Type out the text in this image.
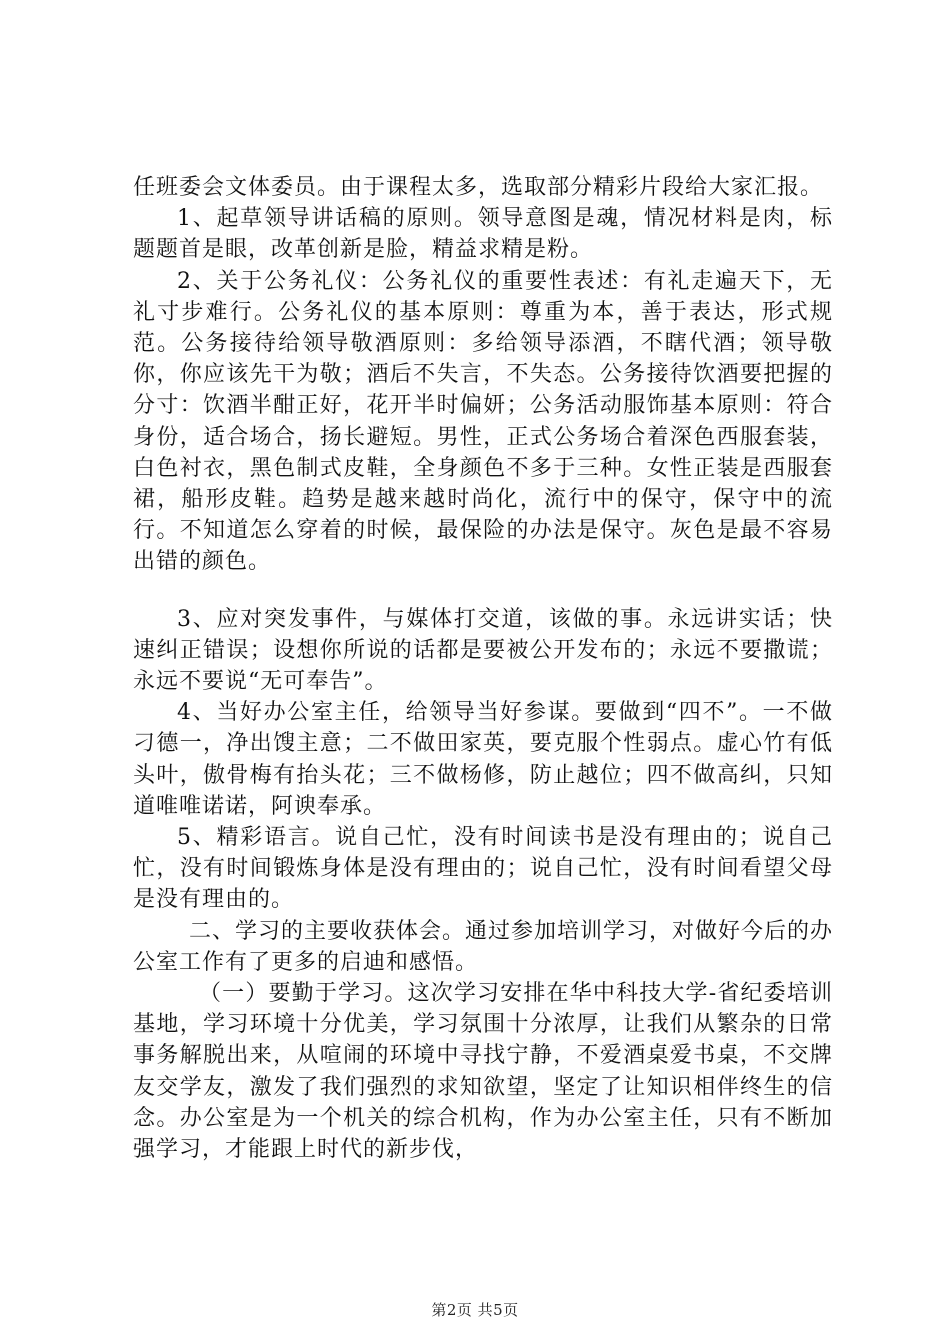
任班委会文体委员。由于课程太多，选取部分精彩片段给大家汇报。

1、起草领导讲话稿的原则。领导意图是魂，情况材料是肉，标题题首是眼，改革创新是脸，精益求精是粉。

2、关于公务礼仪：公务礼仪的重要性表述：有礼走遍天下，无礼寸步难行。公务礼仪的基本原则：尊重为本，善于表达，形式规范。公务接待给领导敬酒原则：多给领导添酒，不瞎代酒；领导敬你，你应该先干为敬；酒后不失言，不失态。公务接待饮酒要把握的分寸：饮酒半酣正好，花开半时偏妍；公务活动服饰基本原则：符合身份，适合场合，扬长避短。男性，正式公务场合着深色西服套装，白色衬衣，黑色制式皮鞋，全身颜色不多于三种。女性正装是西服套裙，船形皮鞋。趋势是越来越时尚化，流行中的保守，保守中的流行。不知道怎么穿着的时候，最保险的办法是保守。灰色是最不容易出错的颜色。

3、应对突发事件，与媒体打交道，该做的事。永远讲实话；快速纠正错误；设想你所说的话都是要被公开发布的；永远不要撒谎；永远不要说“无可奉告”。

4、当好办公室主任，给领导当好参谋。要做到“四不”。一不做刁德一，净出馊主意；二不做田家英，要克服个性弱点。虚心竹有低头叶，傲骨梅有抬头花；三不做杨修，防止越位；四不做高纠，只知道唯唯诺诺，阿谀奉承。

5、精彩语言。说自己忙，没有时间读书是没有理由的；说自己忙，没有时间锻炼身体是没有理由的；说自己忙，没有时间看望父母是没有理由的。

二、学习的主要收获体会。通过参加培训学习，对做好今后的办公室工作有了更多的启迪和感悟。

（一）要勤于学习。这次学习安排在华中科技大学-省纪委培训基地，学习环境十分优美，学习氛围十分浓厚，让我们从繁杂的日常事务解脱出来，从喧闹的环境中寻找宁静，不爱酒桌爱书桌，不交牌友交学友，激发了我们强烈的求知欲望，坚定了让知识相伴终生的信念。办公室是为一个机关的综合机构，作为办公室主任，只有不断加强学习，才能跟上时代的新步伐，

第2页 共5页
